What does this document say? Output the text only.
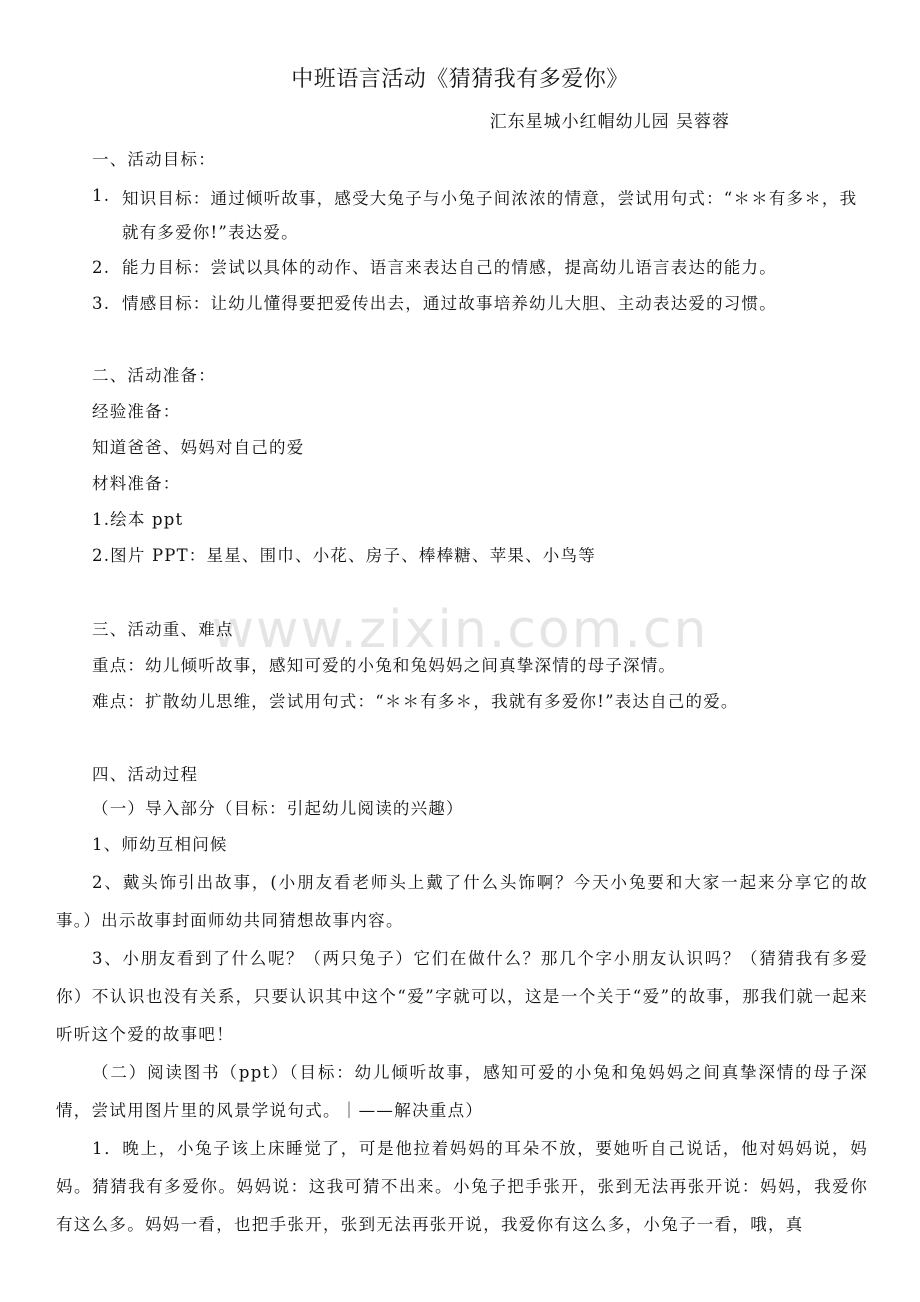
www.zixin.com.cn
中班语言活动《猜猜我有多爱你》
汇东星城小红帽幼儿园 吴蓉蓉
一、活动目标：
1. 知识目标：通过倾听故事，感受大兔子与小兔子间浓浓的情意，尝试用句式：“＊＊有多＊，我就有多爱你!”表达爱。
2. 能力目标：尝试以具体的动作、语言来表达自己的情感，提高幼儿语言表达的能力。
3. 情感目标：让幼儿懂得要把爱传出去，通过故事培养幼儿大胆、主动表达爱的习惯。
二、活动准备：
经验准备：
知道爸爸、妈妈对自己的爱
材料准备：
1.绘本 ppt
2.图片 PPT：星星、围巾、小花、房子、棒棒糖、苹果、小鸟等
三、活动重、难点
重点：幼儿倾听故事，感知可爱的小兔和兔妈妈之间真挚深情的母子深情。
难点：扩散幼儿思维，尝试用句式：“＊＊有多＊，我就有多爱你!”表达自己的爱。
四、活动过程
（一）导入部分（目标：引起幼儿阅读的兴趣）
1、师幼互相问候
2、戴头饰引出故事，(小朋友看老师头上戴了什么头饰啊？今天小兔要和大家一起来分享它的故事。）出示故事封面师幼共同猜想故事内容。
3、小朋友看到了什么呢？（两只兔子）它们在做什么？那几个字小朋友认识吗？（猜猜我有多爱你）不认识也没有关系，只要认识其中这个“爱”字就可以，这是一个关于“爱”的故事，那我们就一起来听听这个爱的故事吧！
（二）阅读图书（ppt）（目标：幼儿倾听故事，感知可爱的小兔和兔妈妈之间真挚深情的母子深情，尝试用图片里的风景学说句式。｜——解决重点）
1．晚上，小兔子该上床睡觉了，可是他拉着妈妈的耳朵不放，要她听自己说话，他对妈妈说，妈妈。猜猜我有多爱你。妈妈说：这我可猜不出来。小兔子把手张开，张到无法再张开说：妈妈，我爱你有这么多。妈妈一看，也把手张开，张到无法再张开说，我爱你有这么多，小兔子一看，哦，真
